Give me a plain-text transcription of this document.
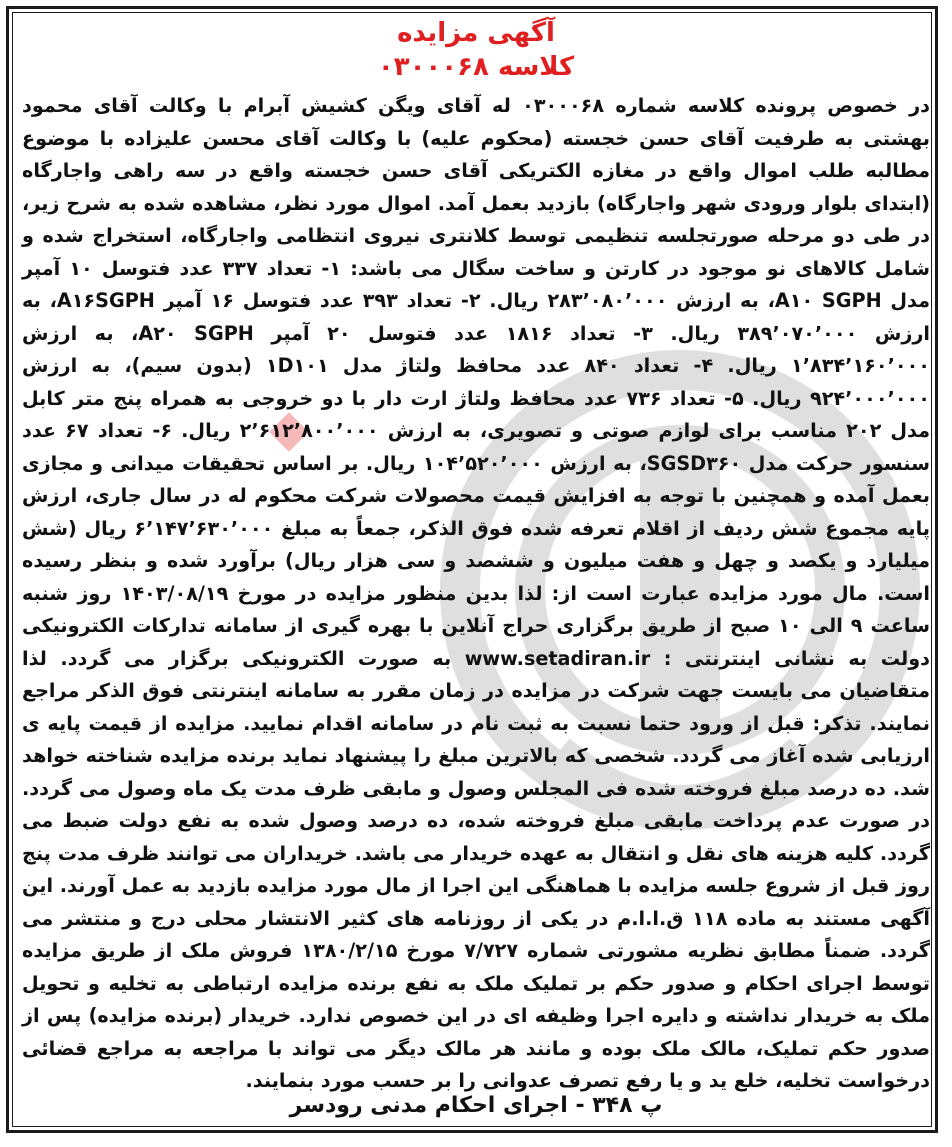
آگهی مزایده
کلاسه ۰۳۰۰۰۶۸
در خصوص پرونده کلاسه شماره ۰۳۰۰۰۶۸ له آقای ویگن کشیش آبرام با وکالت آقای محمود بهشتی به طرفیت آقای حسن خجسته (محکوم علیه) با وکالت آقای محسن علیزاده با موضوع مطالبه طلب اموال واقع در مغازه الکتریکی آقای حسن خجسته واقع در سه راهی واجارگاه (ابتدای بلوار ورودی شهر واجارگاه) بازدید بعمل آمد. اموال مورد نظر، مشاهده شده به شرح زیر، در طی دو مرحله صورتجلسه تنظیمی توسط کلانتری نیروی انتظامی واجارگاه، استخراج شده و شامل کالاهای نو موجود در کارتن و ساخت سگال می باشد: ۱- تعداد ۳۳۷ عدد فتوسل ۱۰ آمپر مدل A۱۰ SGPH، به ارزش ۲۸۳٬۰۸۰٬۰۰۰ ریال. ۲- تعداد ۳۹۳ عدد فتوسل ۱۶ آمپر A۱۶SGPH، به ارزش ۳۸۹٬۰۷۰٬۰۰۰ ریال. ۳- تعداد ۱۸۱۶ عدد فتوسل ۲۰ آمپر A۲۰ SGPH، به ارزش ۱٬۸۳۴٬۱۶۰٬۰۰۰ ریال. ۴- تعداد ۸۴۰ عدد محافظ ولتاژ مدل ۱D۱۰۱ (بدون سیم)، به ارزش ۹۲۴٬۰۰۰٬۰۰۰ ریال. ۵- تعداد ۷۳۶ عدد محافظ ولتاژ ارت دار با دو خروجی به همراه پنج متر کابل مدل ۲۰۲ مناسب برای لوازم صوتی و تصویری، به ارزش ۲٬۶۱۲٬۸۰۰٬۰۰۰ ریال. ۶- تعداد ۶۷ عدد سنسور حرکت مدل SGSD۳۶۰، به ارزش ۱۰۴٬۵۲۰٬۰۰۰ ریال. بر اساس تحقیقات میدانی و مجازی بعمل آمده و همچنین با توجه به افزایش قیمت محصولات شرکت محکوم له در سال جاری، ارزش پایه مجموع شش ردیف از اقلام تعرفه شده فوق الذکر، جمعاً به مبلغ ۶٬۱۴۷٬۶۳۰٬۰۰۰ ریال (شش میلیارد و یکصد و چهل و هفت میلیون و ششصد و سی هزار ریال) برآورد شده و بنظر رسیده است. مال مورد مزایده عبارت است از: لذا بدین منظور مزایده در مورخ ۱۴۰۳/۰۸/۱۹ روز شنبه ساعت ۹ الی ۱۰ صبح از طریق برگزاری حراج آنلاین با بهره گیری از سامانه تدارکات الکترونیکی دولت به نشانی اینترنتی : www.setadiran.ir به صورت الکترونیکی برگزار می گردد. لذا متقاضیان می بایست جهت شرکت در مزایده در زمان مقرر به سامانه اینترنتی فوق الذکر مراجع نمایند. تذکر: قبل از ورود حتما نسبت به ثبت نام در سامانه اقدام نمایید. مزایده از قیمت پایه ی ارزیابی شده آغاز می گردد. شخصی که بالاترین مبلغ را پیشنهاد نماید برنده مزایده شناخته خواهد شد. ده درصد مبلغ فروخته شده فی المجلس وصول و مابقی ظرف مدت یک ماه وصول می گردد. در صورت عدم پرداخت مابقی مبلغ فروخته شده، ده درصد وصول شده به نفع دولت ضبط می گردد. کلیه هزینه های نقل و انتقال به عهده خریدار می باشد. خریداران می توانند ظرف مدت پنج روز قبل از شروع جلسه مزایده با هماهنگی این اجرا از مال مورد مزایده بازدید به عمل آورند. این آگهی مستند به ماده ۱۱۸ ق.ا.ا.م در یکی از روزنامه های کثیر الانتشار محلی درج و منتشر می گردد. ضمناً مطابق نظریه مشورتی شماره ۷/۷۲۷ مورخ ۱۳۸۰/۲/۱۵ فروش ملک از طریق مزایده توسط اجرای احکام و صدور حکم بر تملیک ملک به نفع برنده مزایده ارتباطی به تخلیه و تحویل ملک به خریدار نداشته و دایره اجرا وظیفه ای در این خصوص ندارد. خریدار (برنده مزایده) پس از صدور حکم تملیک، مالک ملک بوده و مانند هر مالک دیگر می تواند با مراجعه به مراجع قضائی درخواست تخلیه، خلع ید و یا رفع تصرف عدوانی را بر حسب مورد بنمایند.
پ ۳۴۸ - اجرای احکام مدنی رودسر
